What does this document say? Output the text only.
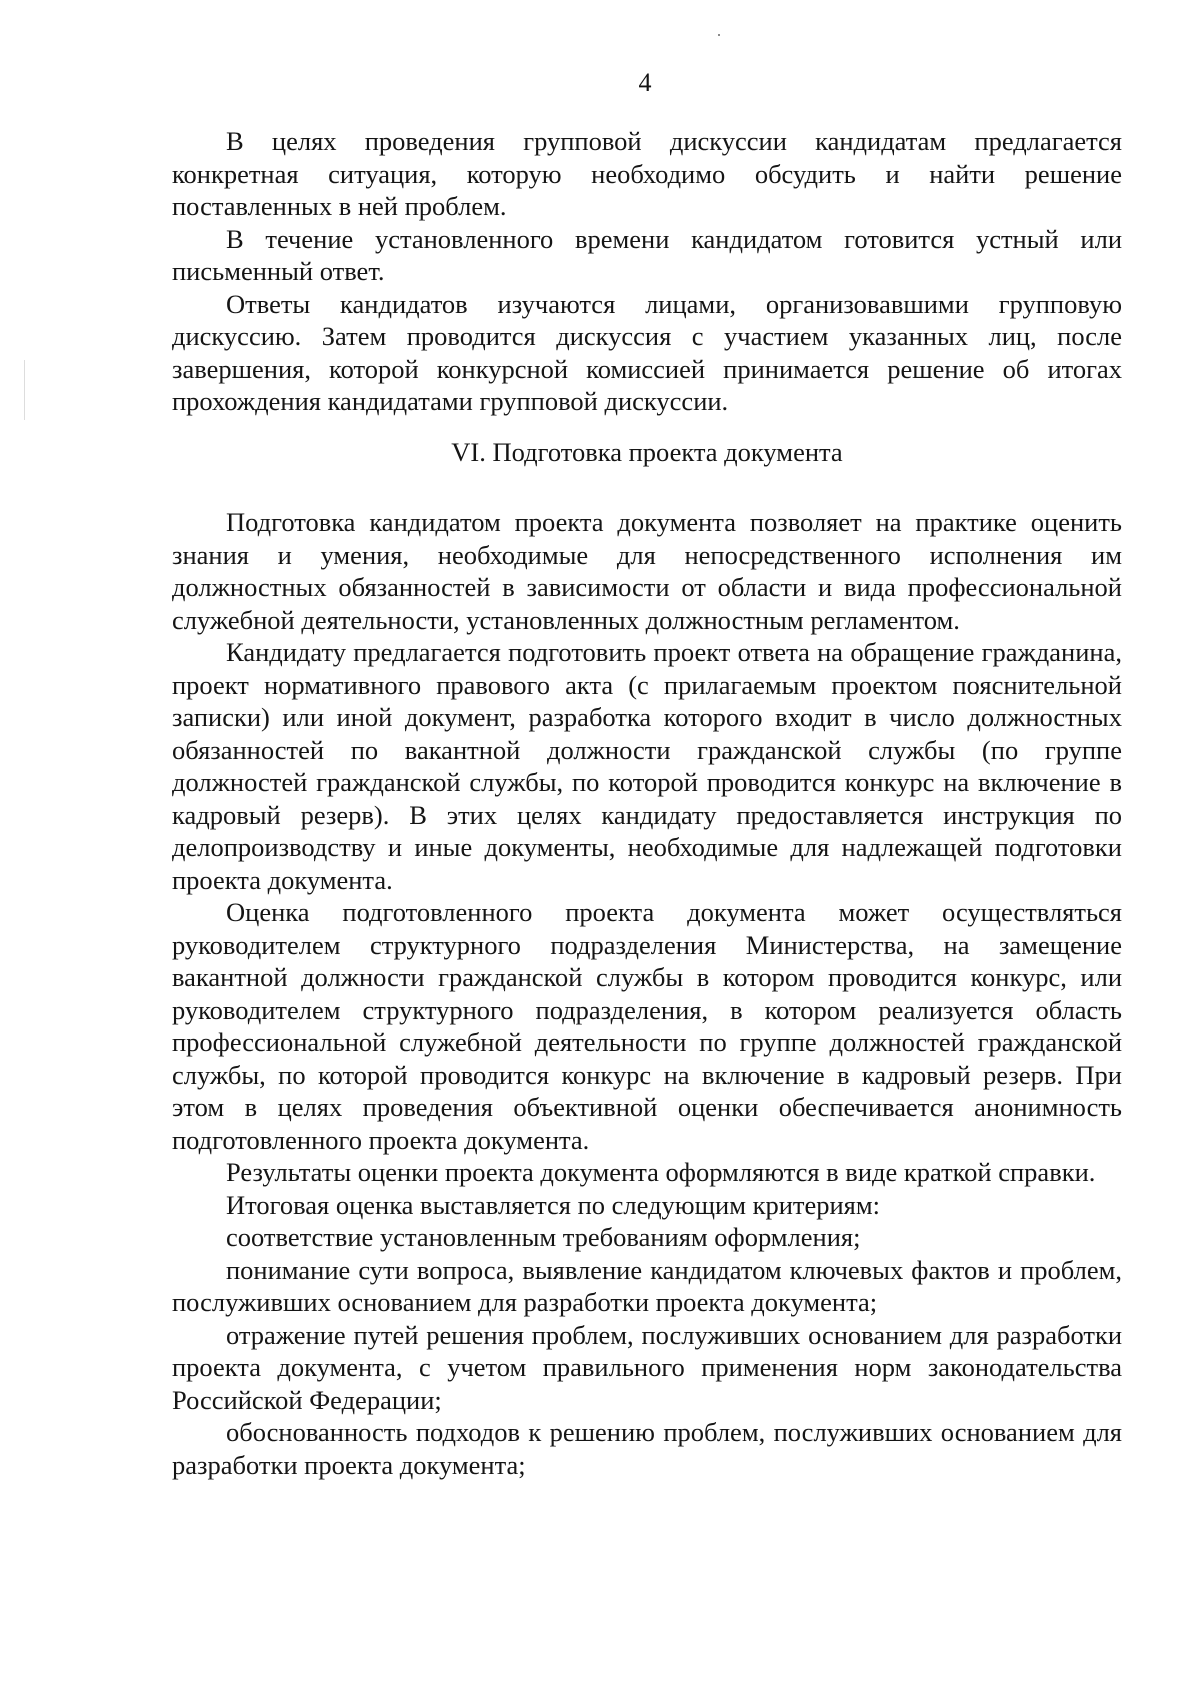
4

В целях проведения групповой дискуссии кандидатам предлагается конкретная ситуация, которую необходимо обсудить и найти решение поставленных в ней проблем.

В течение установленного времени кандидатом готовится устный или письменный ответ.

Ответы кандидатов изучаются лицами, организовавшими групповую дискуссию. Затем проводится дискуссия с участием указанных лиц, после завершения, которой конкурсной комиссией принимается решение об итогах прохождения кандидатами групповой дискуссии.

VI. Подготовка проекта документа

Подготовка кандидатом проекта документа позволяет на практике оценить знания и умения, необходимые для непосредственного исполнения им должностных обязанностей в зависимости от области и вида профессиональной служебной деятельности, установленных должностным регламентом.

Кандидату предлагается подготовить проект ответа на обращение гражданина, проект нормативного правового акта (с прилагаемым проектом пояснительной записки) или иной документ, разработка которого входит в число должностных обязанностей по вакантной должности гражданской службы (по группе должностей гражданской службы, по которой проводится конкурс на включение в кадровый резерв). В этих целях кандидату предоставляется инструкция по делопроизводству и иные документы, необходимые для надлежащей подготовки проекта документа.

Оценка подготовленного проекта документа может осуществляться руководителем структурного подразделения Министерства, на замещение вакантной должности гражданской службы в котором проводится конкурс, или руководителем структурного подразделения, в котором реализуется область профессиональной служебной деятельности по группе должностей гражданской службы, по которой проводится конкурс на включение в кадровый резерв. При этом в целях проведения объективной оценки обеспечивается анонимность подготовленного проекта документа.

Результаты оценки проекта документа оформляются в виде краткой справки.

Итоговая оценка выставляется по следующим критериям:

соответствие установленным требованиям оформления;

понимание сути вопроса, выявление кандидатом ключевых фактов и проблем, послуживших основанием для разработки проекта документа;

отражение путей решения проблем, послуживших основанием для разработки проекта документа, с учетом правильного применения норм законодательства Российской Федерации;

обоснованность подходов к решению проблем, послуживших основанием для разработки проекта документа;
